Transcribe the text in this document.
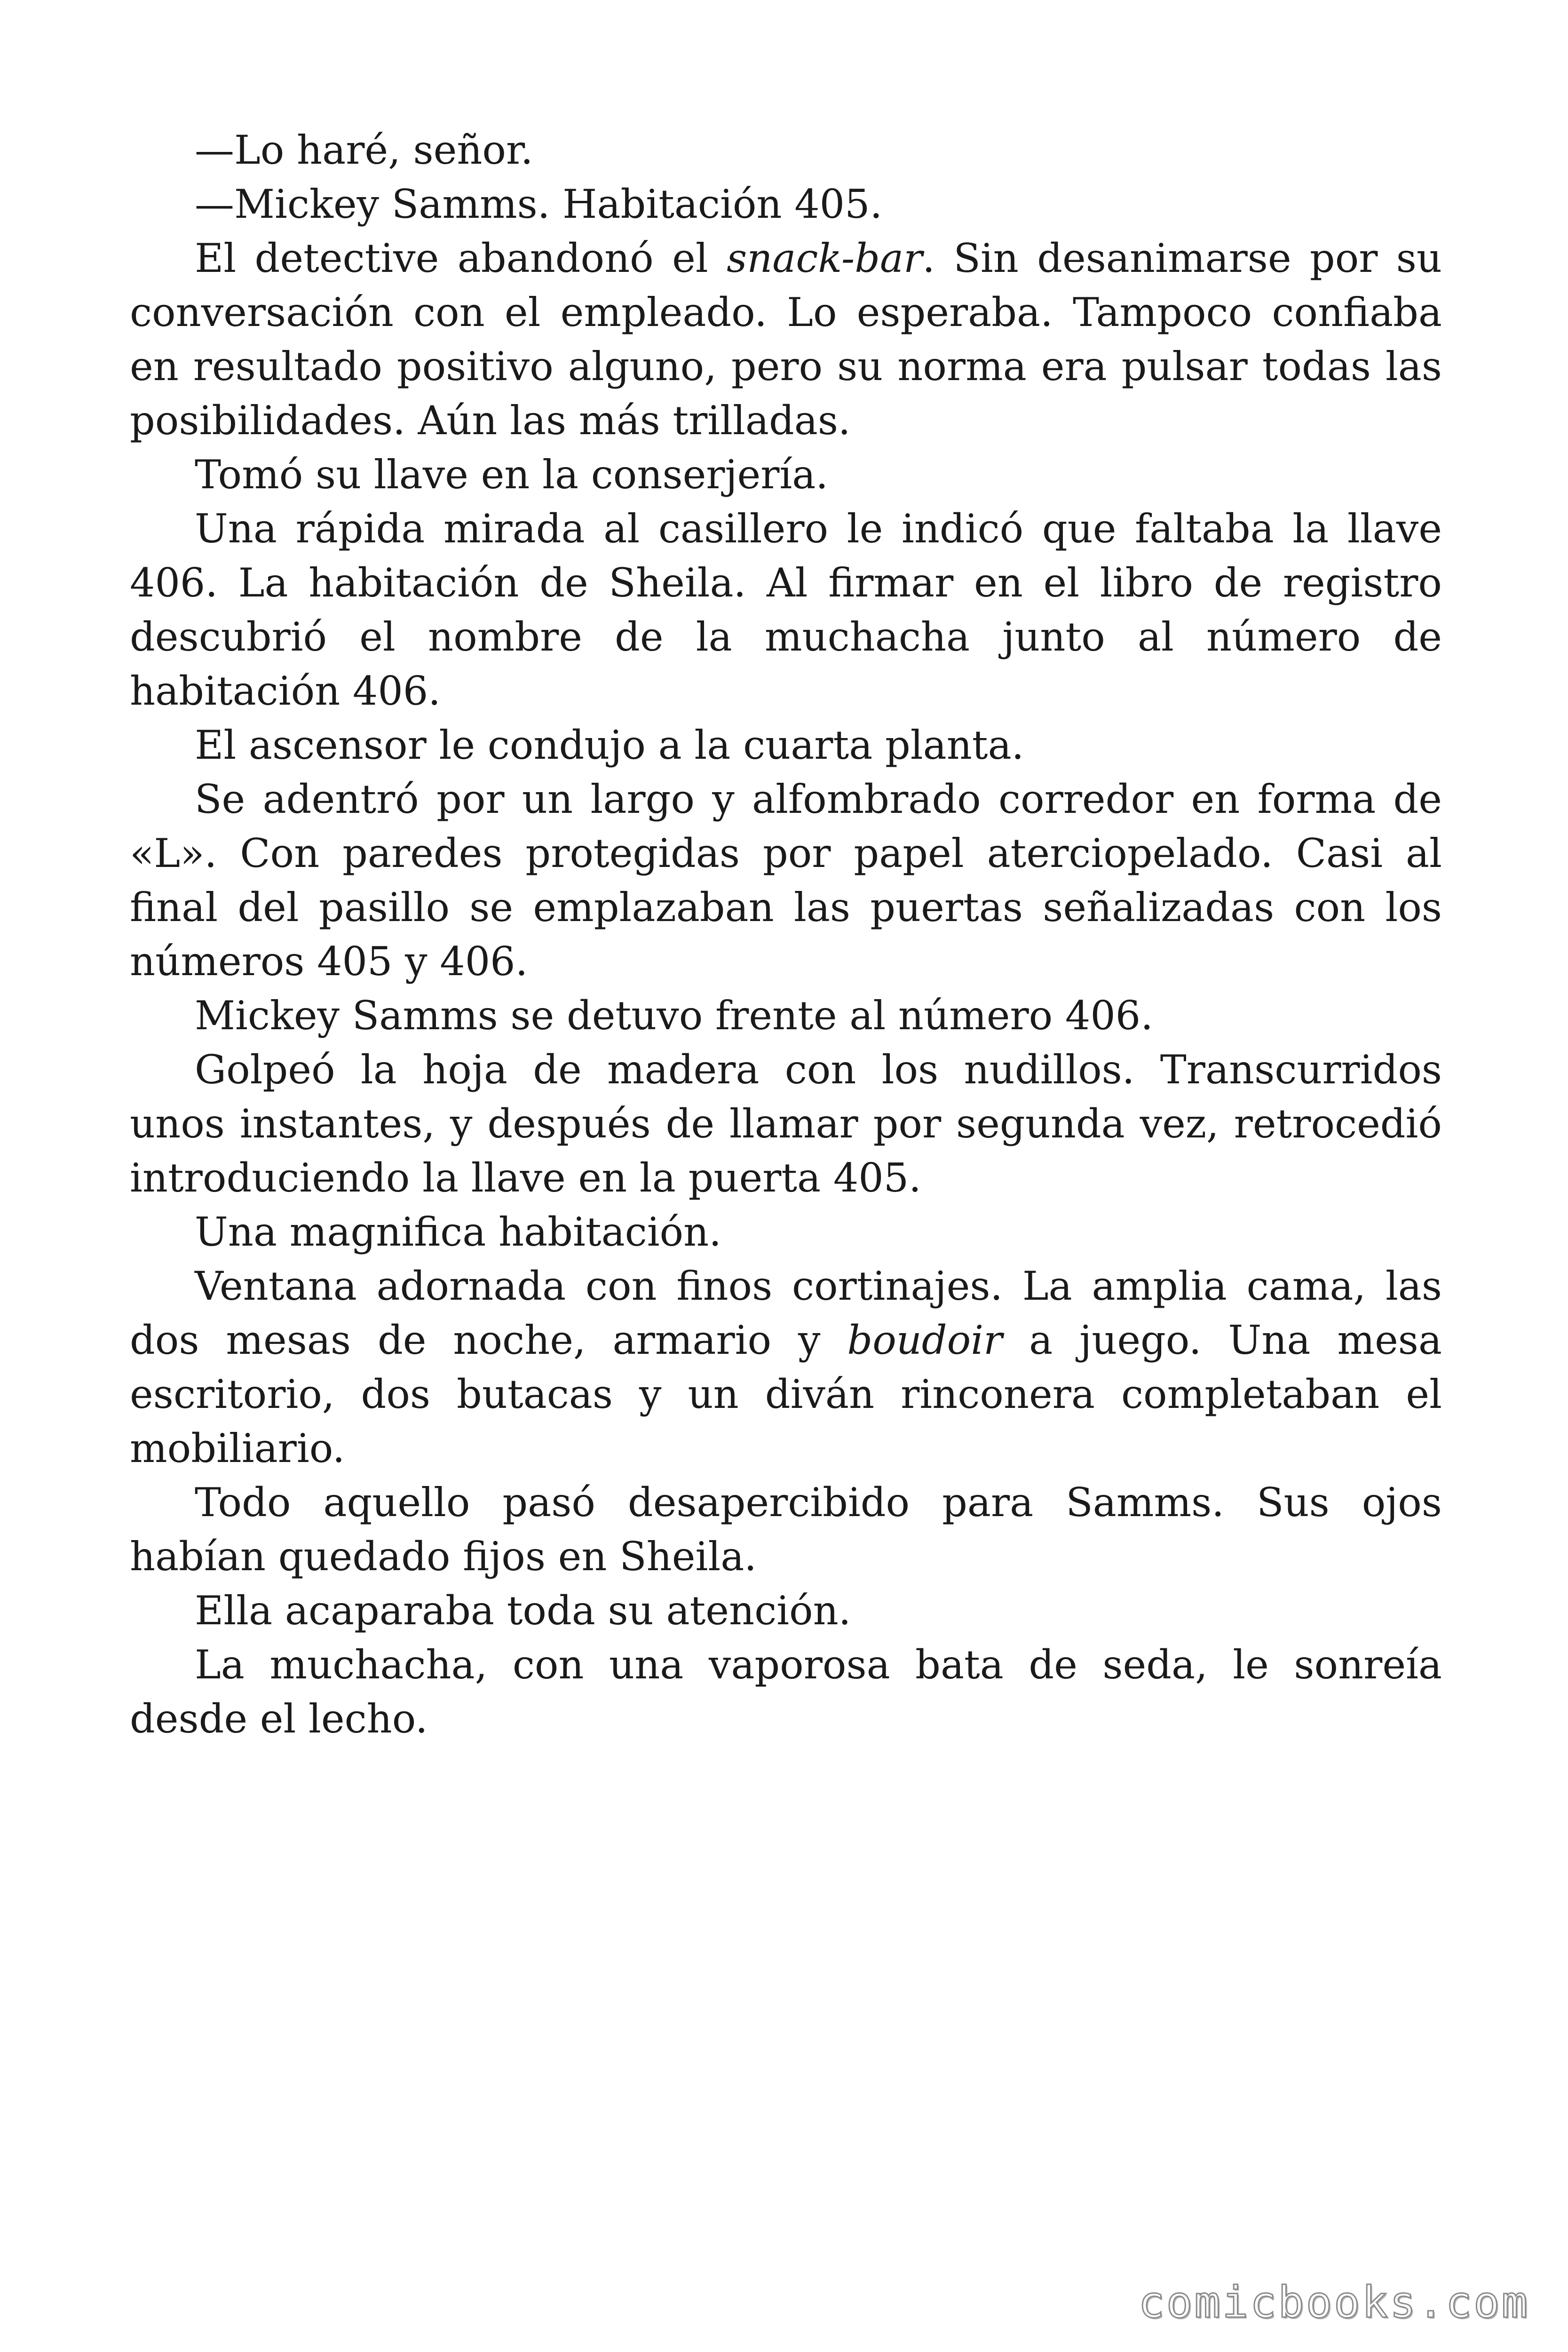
—Lo haré, señor.

—Mickey Samms. Habitación 405.

El detective abandonó el snack-bar. Sin desanimarse por su conversación con el empleado. Lo esperaba. Tampoco confiaba en resultado positivo alguno, pero su norma era pulsar todas las posibilidades. Aún las más trilladas.

Tomó su llave en la conserjería.

Una rápida mirada al casillero le indicó que faltaba la llave 406. La habitación de Sheila. Al firmar en el libro de registro descubrió el nombre de la muchacha junto al número de habitación 406.

El ascensor le condujo a la cuarta planta.

Se adentró por un largo y alfombrado corredor en forma de «L». Con paredes protegidas por papel aterciopelado. Casi al final del pasillo se emplazaban las puertas señalizadas con los números 405 y 406.

Mickey Samms se detuvo frente al número 406.

Golpeó la hoja de madera con los nudillos. Transcurridos unos instantes, y después de llamar por segunda vez, retrocedió introduciendo la llave en la puerta 405.

Una magnifica habitación.

Ventana adornada con finos cortinajes. La amplia cama, las dos mesas de noche, armario y boudoir a juego. Una mesa escritorio, dos butacas y un diván rinconera completaban el mobiliario.

Todo aquello pasó desapercibido para Samms. Sus ojos habían quedado fijos en Sheila.

Ella acaparaba toda su atención.

La muchacha, con una vaporosa bata de seda, le sonreía desde el lecho.

comicbooks.com
